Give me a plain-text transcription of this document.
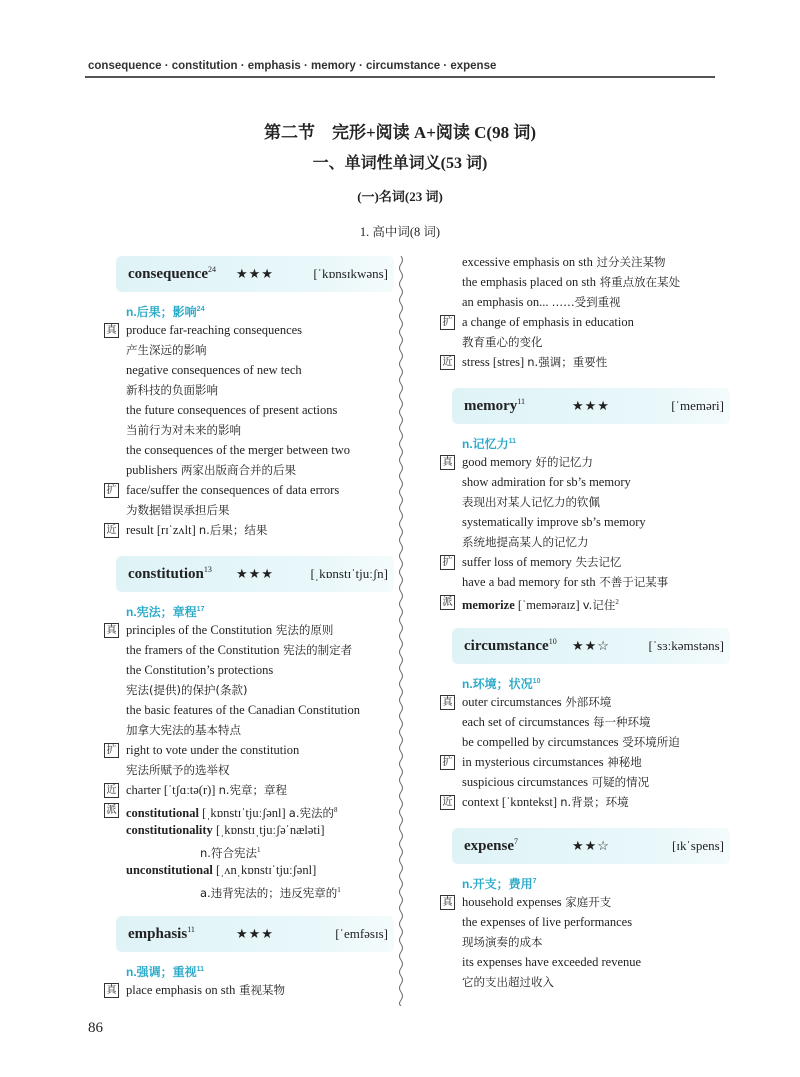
consequence · constitution · emphasis · memory · circumstance · expense
第二节　完形+阅读 A+阅读 C(98 词)
一、单词性单词义(53 词)
(一)名词(23 词)
1. 高中词(8 词)
consequence$^{24}$ ★★★	[ˈkɒnsɪkwəns]
n.后果；影响$^{24}$
真 produce far-reaching consequences
产生深远的影响
negative consequences of new tech
新科技的负面影响
the future consequences of present actions
当前行为对未来的影响
the consequences of the merger between two
publishers 两家出版商合并的后果
扩 face/suffer the consequences of data errors
为数据错误承担后果
近 result [rɪˈzʌlt] n.后果；结果
constitution$^{13}$ ★★★	[ˌkɒnstɪˈtjuːʃn]
n.宪法；章程$^{17}$
真 principles of the Constitution 宪法的原则
the framers of the Constitution 宪法的制定者
the Constitution’s protections
宪法(提供)的保护(条款)
the basic features of the Canadian Constitution
加拿大宪法的基本特点
扩 right to vote under the constitution
宪法所赋予的选举权
近 charter [ˈtʃɑːtə(r)] n.宪章；章程
派 constitutional [ˌkɒnstɪˈtjuːʃənl] a.宪法的$^8$
constitutionality [ˌkɒnstɪˌtjuːʃəˈnæləti]
n.符合宪法$^1$
unconstitutional [ˌʌnˌkɒnstɪˈtjuːʃənl]
a.违背宪法的；违反宪章的$^1$
emphasis$^{11}$	★★★	[ˈemfəsɪs]
n.强调；重视$^{11}$
真 place emphasis on sth 重视某物
excessive emphasis on sth 过分关注某物
the emphasis placed on sth 将重点放在某处
an emphasis on... ……受到重视
扩 a change of emphasis in education
教育重心的变化
近 stress [stres] n.强调；重要性
memory$^{11}$	★★★	[ˈmeməri]
n.记忆力$^{11}$
真 good memory 好的记忆力
show admiration for sb’s memory
表现出对某人记忆力的钦佩
systematically improve sb’s memory
系统地提高某人的记忆力
扩 suffer loss of memory 失去记忆
have a bad memory for sth 不善于记某事
派 memorize [ˈmeməraɪz] v.记住$^2$
circumstance$^{10}$ ★★☆	[ˈsɜːkəmstəns]
n.环境；状况$^{10}$
真 outer circumstances 外部环境
each set of circumstances 每一种环境
be compelled by circumstances 受环境所迫
扩 in mysterious circumstances 神秘地
suspicious circumstances 可疑的情况
近 context [ˈkɒntekst] n.背景；环境
expense$^7$	★★☆	[ɪkˈspens]
n.开支；费用$^7$
真 household expenses 家庭开支
the expenses of live performances
现场演奏的成本
its expenses have exceeded revenue
它的支出超过收入
86
